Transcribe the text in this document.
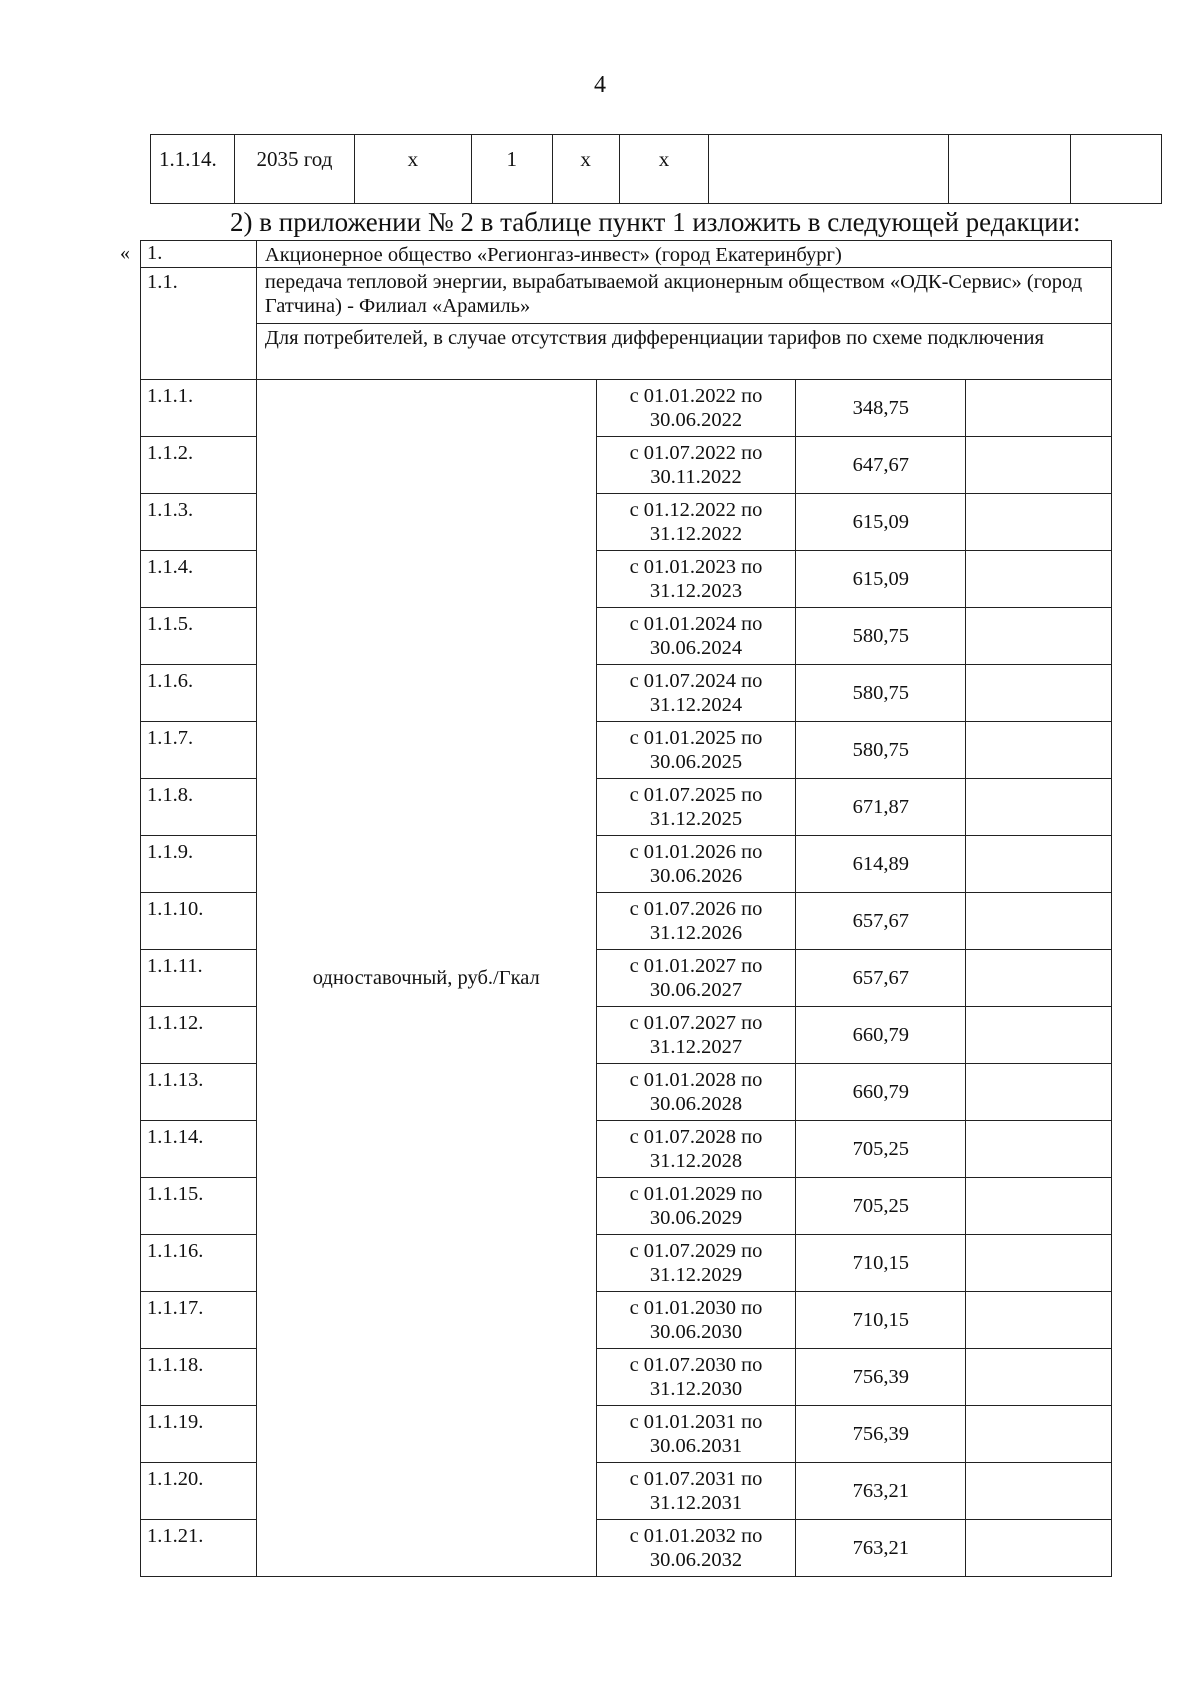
4
1.1.14.	2035 год	х	1	х	х			
2) в приложении № 2 в таблице пункт 1 изложить в следующей редакции:
« 1.	Акционерное общество «Регионгаз-инвест» (город Екатеринбург)			
1.1.	передача тепловой энергии, вырабатываемой акционерным обществом «ОДК-Сервис» (город Гатчина) - Филиал «Арамиль»			
	Для потребителей, в случае отсутствия дифференциации тарифов по схеме подключения			
1.1.1.	одноставочный, руб./Гкал	с 01.01.2022 по 30.06.2022	348,75	
1.1.2.		с 01.07.2022 по 30.11.2022	647,67	
1.1.3.		с 01.12.2022 по 31.12.2022	615,09	
1.1.4.		с 01.01.2023 по 31.12.2023	615,09	
1.1.5.		с 01.01.2024 по 30.06.2024	580,75	
1.1.6.		с 01.07.2024 по 31.12.2024	580,75	
1.1.7.		с 01.01.2025 по 30.06.2025	580,75	
1.1.8.		с 01.07.2025 по 31.12.2025	671,87	
1.1.9.		с 01.01.2026 по 30.06.2026	614,89	
1.1.10.		с 01.07.2026 по 31.12.2026	657,67	
1.1.11.		с 01.01.2027 по 30.06.2027	657,67	
1.1.12.		с 01.07.2027 по 31.12.2027	660,79	
1.1.13.		с 01.01.2028 по 30.06.2028	660,79	
1.1.14.		с 01.07.2028 по 31.12.2028	705,25	
1.1.15.		с 01.01.2029 по 30.06.2029	705,25	
1.1.16.		с 01.07.2029 по 31.12.2029	710,15	
1.1.17.		с 01.01.2030 по 30.06.2030	710,15	
1.1.18.		с 01.07.2030 по 31.12.2030	756,39	
1.1.19.		с 01.01.2031 по 30.06.2031	756,39	
1.1.20.		с 01.07.2031 по 31.12.2031	763,21	
1.1.21.		с 01.01.2032 по 30.06.2032	763,21	
